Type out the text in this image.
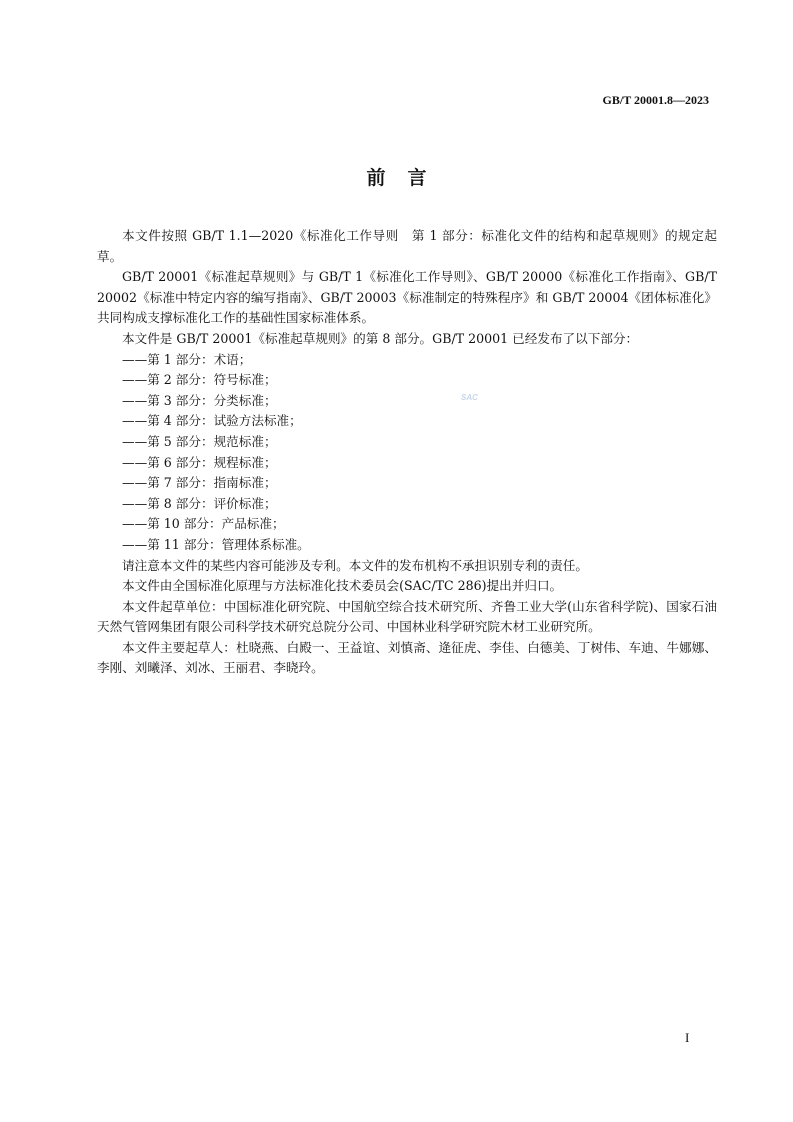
GB/T 20001.8—2023
前言
SAC

本文件按照 GB/T 1.1—2020《标准化工作导则　第 1 部分：标准化文件的结构和起草规则》的规定起草。

GB/T 20001《标准起草规则》与 GB/T 1《标准化工作导则》、GB/T 20000《标准化工作指南》、GB/T 20002《标准中特定内容的编写指南》、GB/T 20003《标准制定的特殊程序》和 GB/T 20004《团体标准化》共同构成支撑标准化工作的基础性国家标准体系。

本文件是 GB/T 20001《标准起草规则》的第 8 部分。GB/T 20001 已经发布了以下部分：

——第 1 部分：术语；

——第 2 部分：符号标准；

——第 3 部分：分类标准；

——第 4 部分：试验方法标准；

——第 5 部分：规范标准；

——第 6 部分：规程标准；

——第 7 部分：指南标准；

——第 8 部分：评价标准；

——第 10 部分：产品标准；

——第 11 部分：管理体系标准。

请注意本文件的某些内容可能涉及专利。本文件的发布机构不承担识别专利的责任。

本文件由全国标准化原理与方法标准化技术委员会(SAC/TC 286)提出并归口。

本文件起草单位：中国标准化研究院、中国航空综合技术研究所、齐鲁工业大学(山东省科学院)、国家石油天然气管网集团有限公司科学技术研究总院分公司、中国林业科学研究院木材工业研究所。

本文件主要起草人：杜晓燕、白殿一、王益谊、刘慎斋、逄征虎、李佳、白德美、丁树伟、车迪、牛娜娜、李刚、刘曦泽、刘冰、王丽君、李晓玲。

I
